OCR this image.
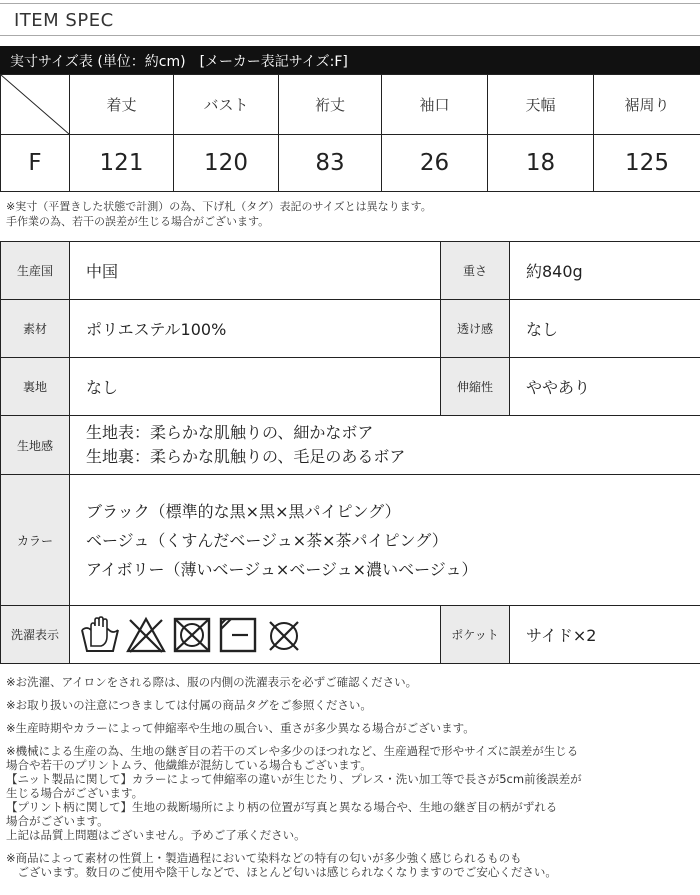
ITEM SPEC
実寸サイズ表 (単位：約cm)　[メーカー表記サイズ:F]
	着丈	バスト	裄丈	袖口	天幅	裾周り
F	121	120	83	26	18	125

※実寸（平置きした状態で計測）の為、下げ札（タグ）表記のサイズとは異なります。

手作業の為、若干の誤差が生じる場合がございます。

生産国	中国	重さ	約840g
素材	ポリエステル100%	透け感	なし
裏地	なし	伸縮性	ややあり
生地感	生地表：柔らかな肌触りの、細かなボア
生地裏：柔らかな肌触りの、毛足のあるボア		

カラー	ブラック（標準的な黒×黒×黒パイピング）
ベージュ（くすんだベージュ×茶×茶パイピング）
アイボリー（薄いベージュ×ベージュ×濃いベージュ）		

洗濯表示		ポケット	サイド×2

※お洗濯、アイロンをされる際は、服の内側の洗濯表示を必ずご確認ください。

※お取り扱いの注意につきましては付属の商品タグをご参照ください。

※生産時期やカラーによって伸縮率や生地の風合い、重さが多少異なる場合がございます。

※機械による生産の為、生地の継ぎ目の若干のズレや多少のほつれなど、生産過程で形やサイズに誤差が生じる

場合や若干のプリントムラ、他繊維が混紡している場合もございます。

【ニット製品に関して】カラーによって伸縮率の違いが生じたり、プレス・洗い加工等で長さが5cm前後誤差が

生じる場合がございます。

【プリント柄に関して】生地の裁断場所により柄の位置が写真と異なる場合や、生地の継ぎ目の柄がずれる

場合がございます。

上記は品質上問題はございません。予めご了承ください。

※商品によって素材の性質上・製造過程において染料などの特有の匂いが多少強く感じられるものも

　ございます。数日のご使用や陰干しなどで、ほとんど匂いは感じられなくなりますのでご安心ください。
